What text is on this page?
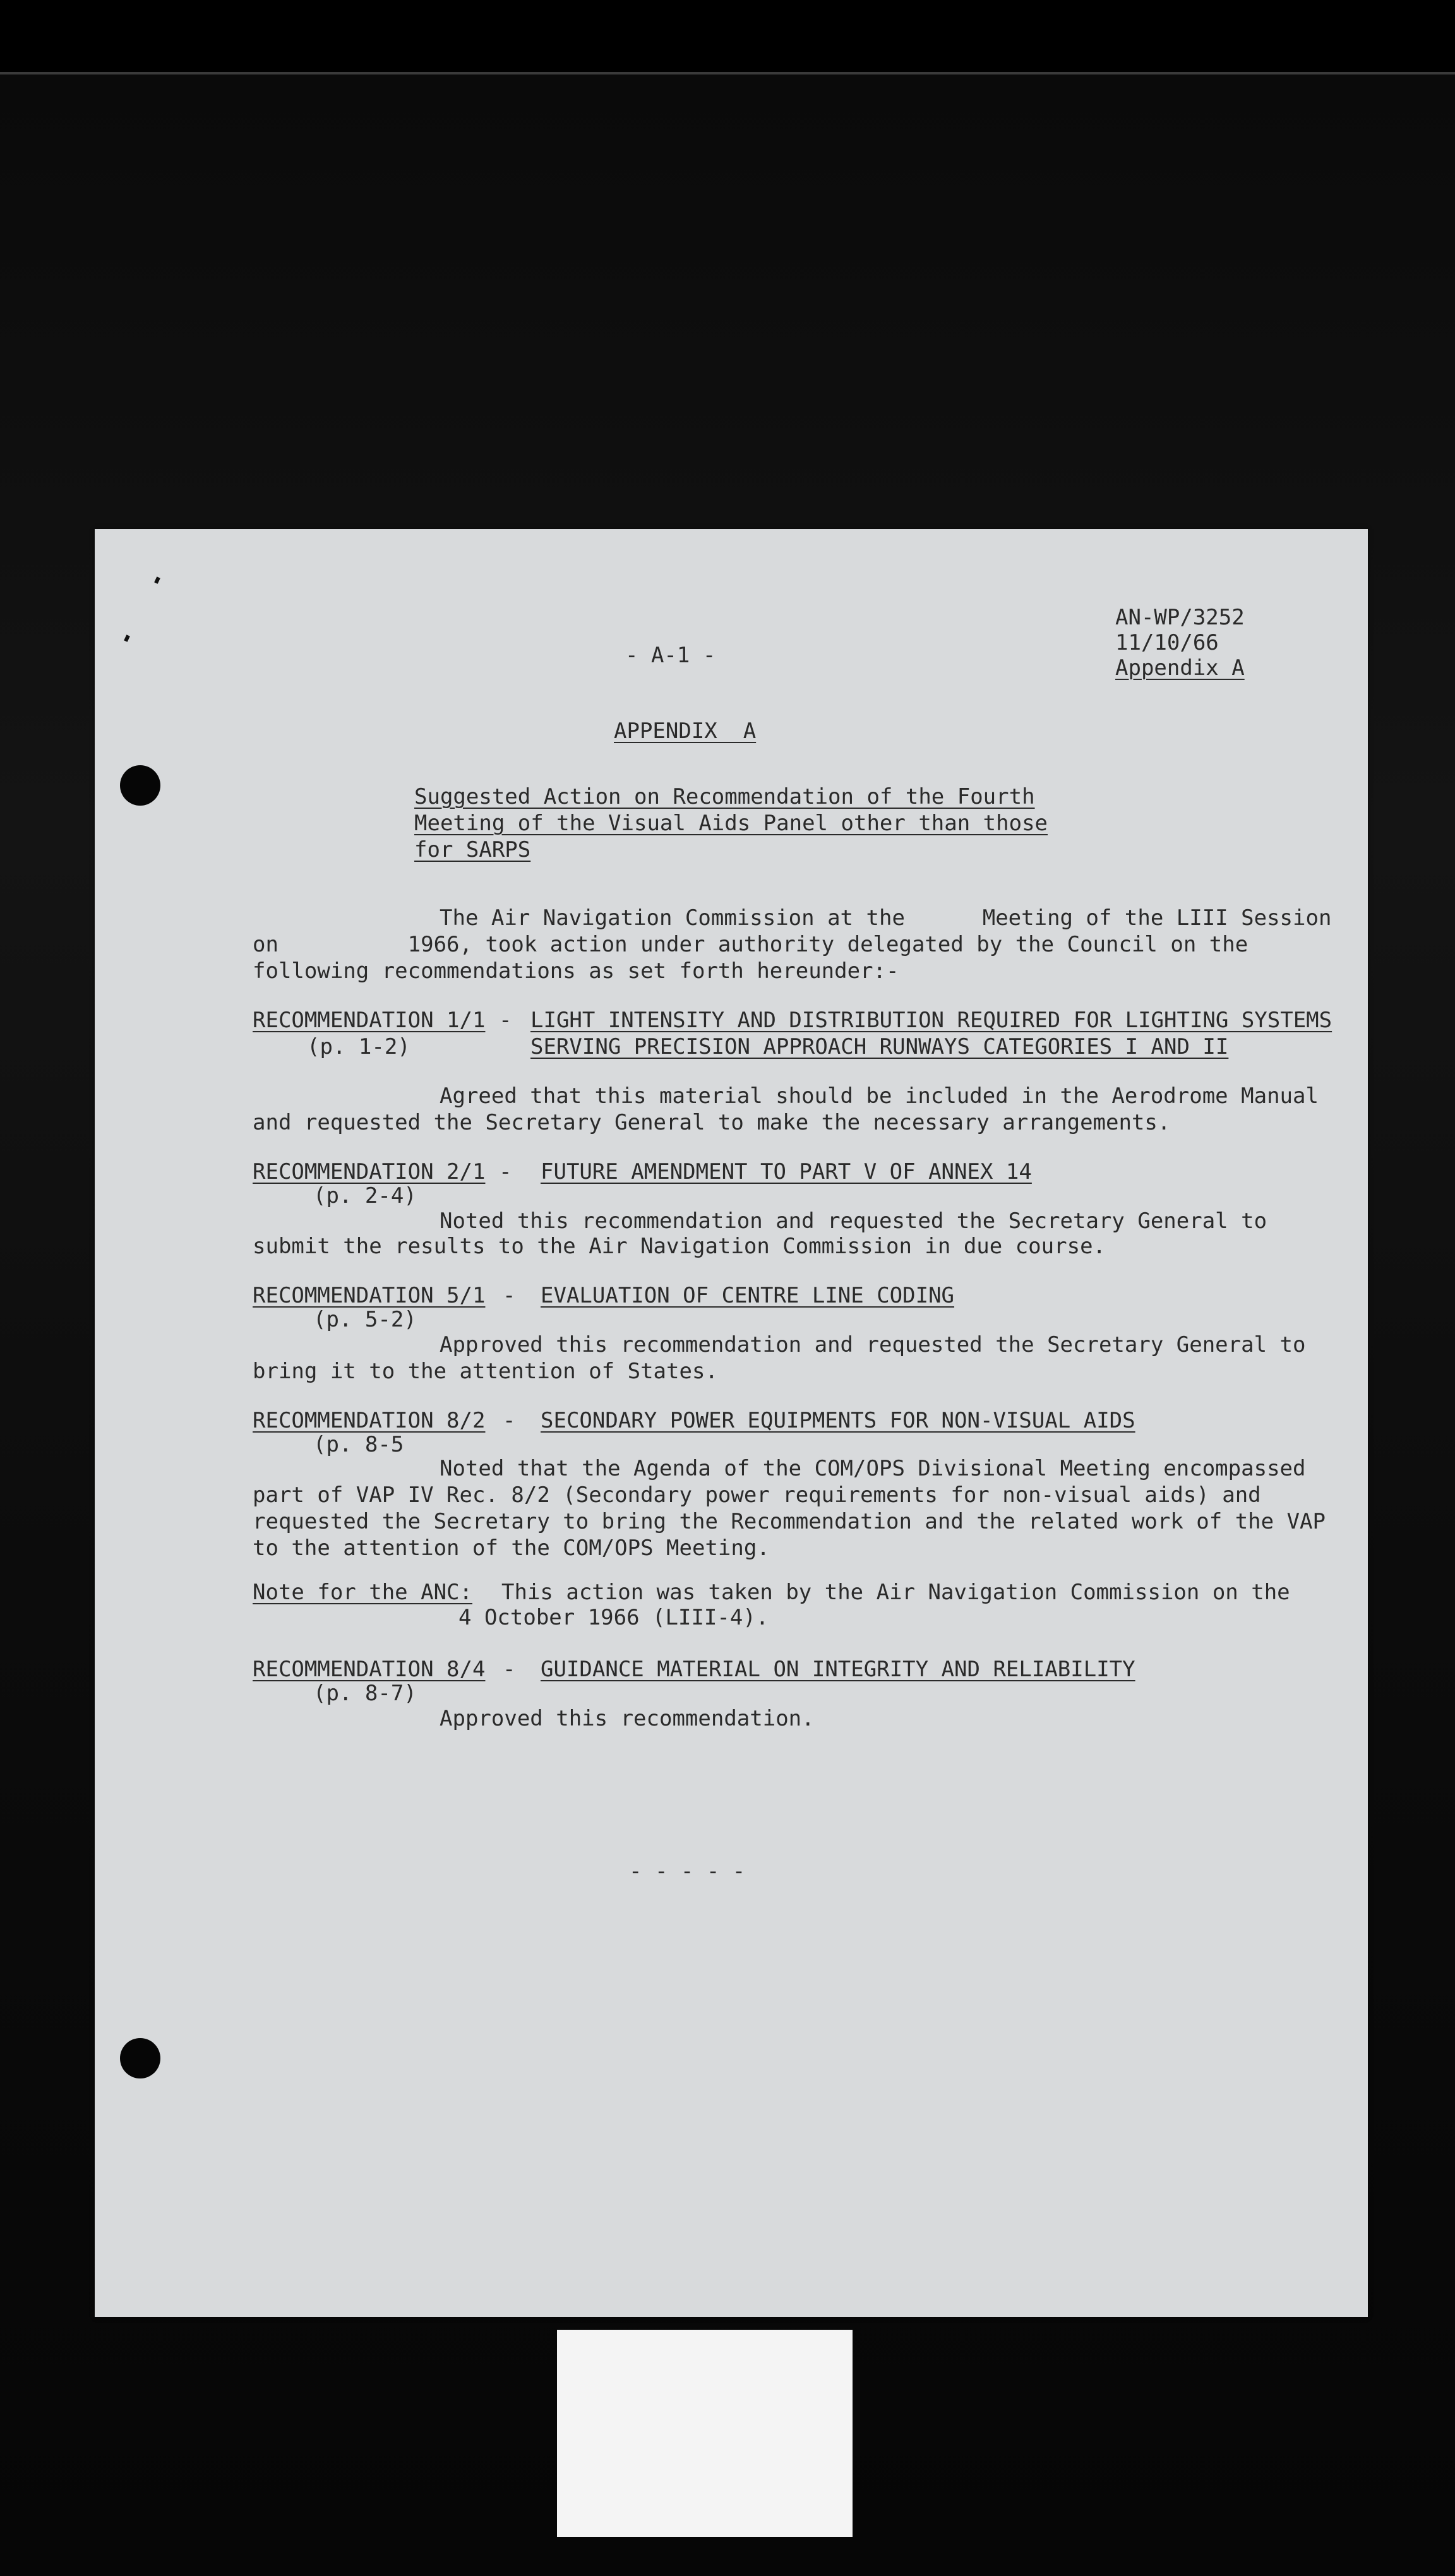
- A-1 -
AN-WP/3252
11/10/66
Appendix A
APPENDIX  A
Suggested Action on Recommendation of the Fourth
Meeting of the Visual Aids Panel other than those
for SARPS
The Air Navigation Commission at the      Meeting of the LIII Session
on          1966, took action under authority delegated by the Council on the
following recommendations as set forth hereunder:-
RECOMMENDATION 1/1 -
(p. 1-2)
LIGHT INTENSITY AND DISTRIBUTION REQUIRED FOR LIGHTING SYSTEMS
SERVING PRECISION APPROACH RUNWAYS CATEGORIES I AND II
Agreed that this material should be included in the Aerodrome Manual
and requested the Secretary General to make the necessary arrangements.
RECOMMENDATION 2/1 -
(p. 2-4)
FUTURE AMENDMENT TO PART V OF ANNEX 14
Noted this recommendation and requested the Secretary General to
submit the results to the Air Navigation Commission in due course.
RECOMMENDATION 5/1 -
(p. 5-2)
EVALUATION OF CENTRE LINE CODING
Approved this recommendation and requested the Secretary General to
bring it to the attention of States.
RECOMMENDATION 8/2 -
(p. 8-5
SECONDARY POWER EQUIPMENTS FOR NON-VISUAL AIDS
Noted that the Agenda of the COM/OPS Divisional Meeting encompassed
part of VAP IV Rec. 8/2 (Secondary power requirements for non-visual aids) and
requested the Secretary to bring the Recommendation and the related work of the VAP
to the attention of the COM/OPS Meeting.
Note for the ANC: This action was taken by the Air Navigation Commission on the
4 October 1966 (LIII-4).
RECOMMENDATION 8/4 -
(p. 8-7)
GUIDANCE MATERIAL ON INTEGRITY AND RELIABILITY
Approved this recommendation.
- - - - -
